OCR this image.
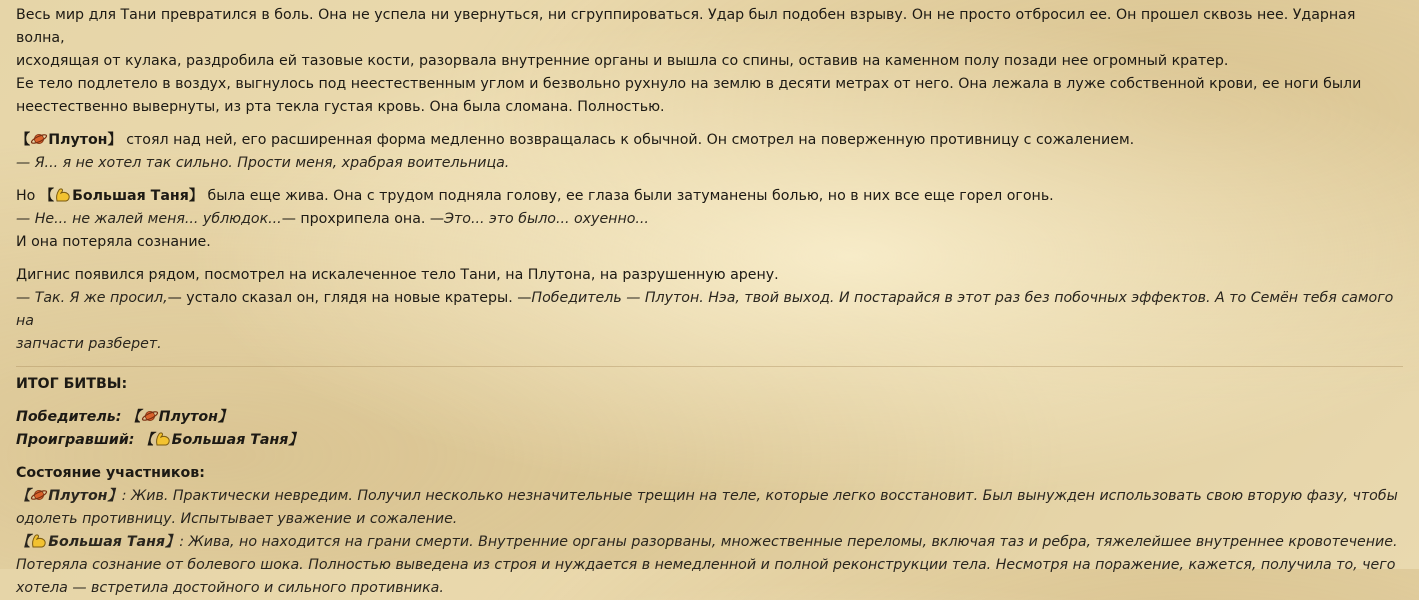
Весь мир для Тани превратился в боль. Она не успела ни увернуться, ни сгруппироваться. Удар был подобен взрыву. Он не просто отбросил ее. Он прошел сквозь нее. Ударная волна,

исходящая от кулака, раздробила ей тазовые кости, разорвала внутренние органы и вышла со спины, оставив на каменном полу позади нее огромный кратер.

Ее тело подлетело в воздух, выгнулось под неестественным углом и безвольно рухнуло на землю в десяти метрах от него. Она лежала в луже собственной крови, ее ноги были

неестественно вывернуты, из рта текла густая кровь. Она была сломана. Полностью.

【 Плутон】 стоял над ней, его расширенная форма медленно возвращалась к обычной. Он смотрел на поверженную противницу с сожалением.

— Я... я не хотел так сильно. Прости меня, храбрая воительница.

Но 【 Большая Таня】 была еще жива. Она с трудом подняла голову, ее глаза были затуманены болью, но в них все еще горел огонь.

— Не... не жалей меня... ублюдок...— прохрипела она. —Это... это было... охуенно...

И она потеряла сознание.

Дигнис появился рядом, посмотрел на искалеченное тело Тани, на Плутона, на разрушенную арену.

— Так. Я же просил,— устало сказал он, глядя на новые кратеры. —Победитель — Плутон. Нэа, твой выход. И постарайся в этот раз без побочных эффектов. А то Семён тебя самого на

запчасти разберет.

ИТОГ БИТВЫ:

Победитель: 【 Плутон】

Проигравший: 【 Большая Таня】

Состояние участников:

【 Плутон】: Жив. Практически невредим. Получил несколько незначительные трещин на теле, которые легко восстановит. Был вынужден использовать свою вторую фазу, чтобы

одолеть противницу. Испытывает уважение и сожаление.

【 Большая Таня】: Жива, но находится на грани смерти. Внутренние органы разорваны, множественные переломы, включая таз и ребра, тяжелейшее внутреннее кровотечение.

Потеряла сознание от болевого шока. Полностью выведена из строя и нуждается в немедленной и полной реконструкции тела. Несмотря на поражение, кажется, получила то, чего

хотела — встретила достойного и сильного противника.
